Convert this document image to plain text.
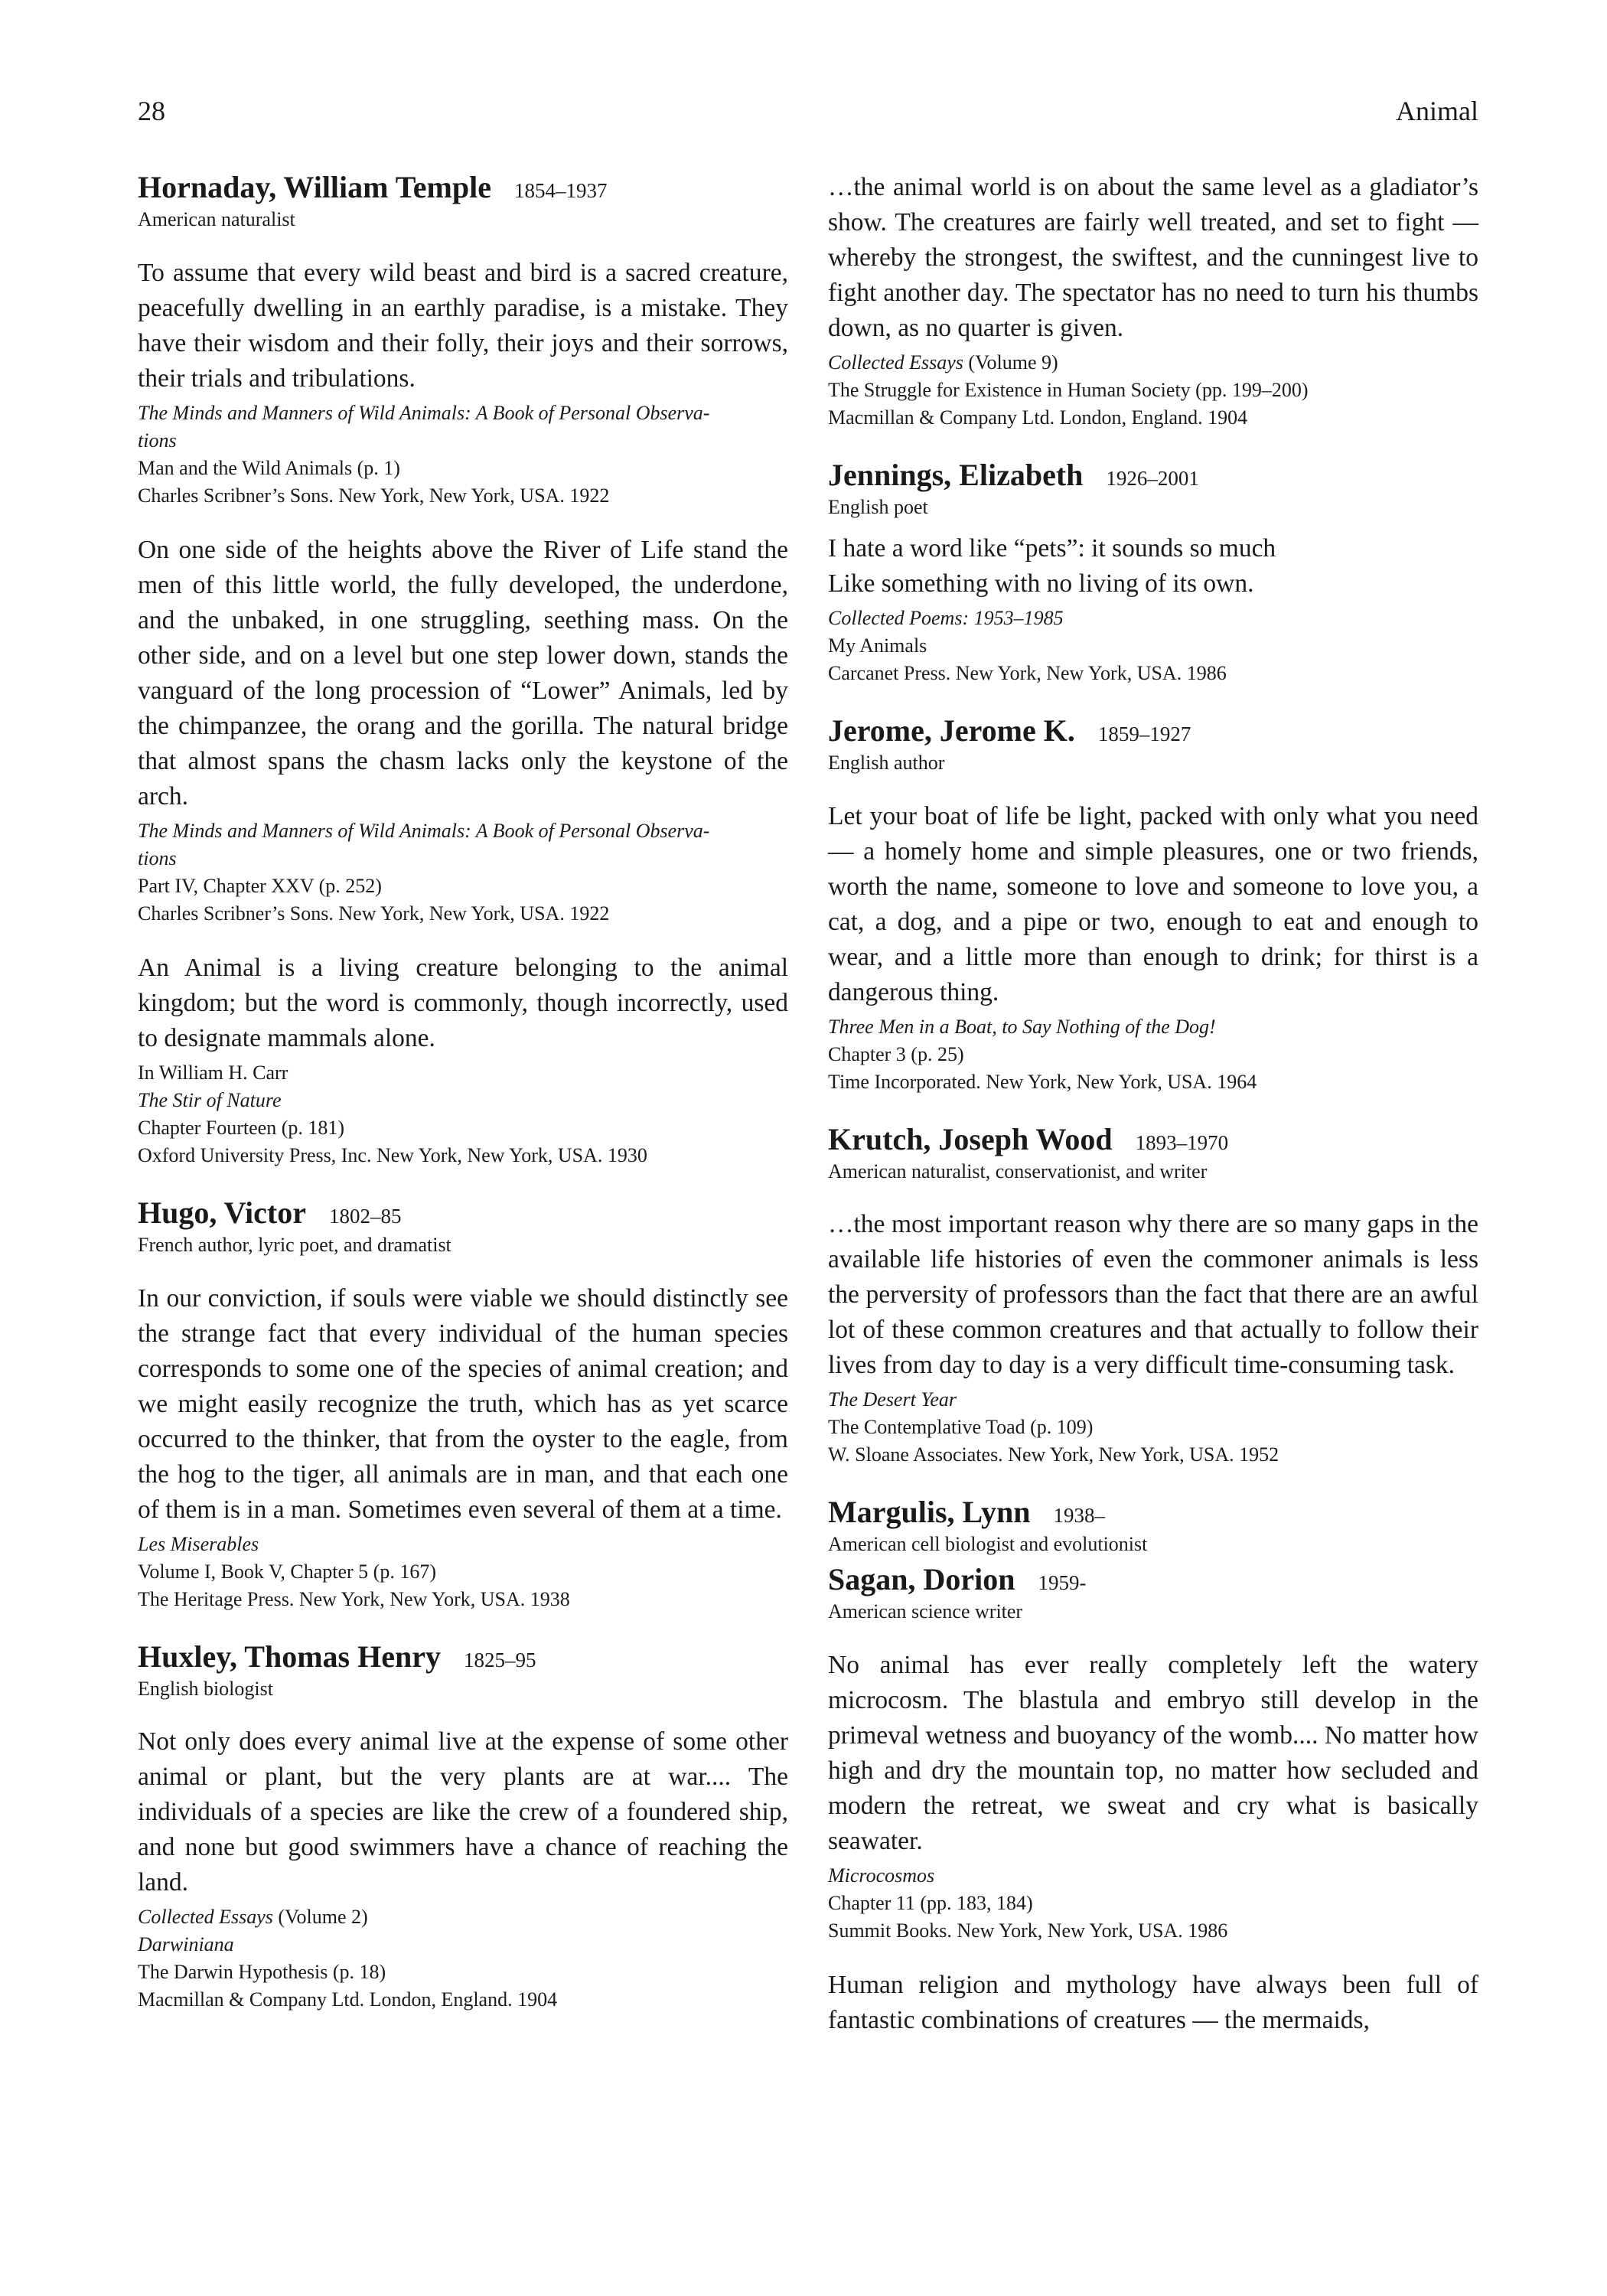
28	Animal

Hornaday, William Temple 1854–1937

American naturalist

To assume that every wild beast and bird is a sacred creature, peacefully dwelling in an earthly paradise, is a mistake. They have their wisdom and their folly, their joys and their sorrows, their trials and tribulations.

The Minds and Manners of Wild Animals: A Book of Personal Observa-

tions

Man and the Wild Animals (p. 1)

Charles Scribner’s Sons. New York, New York, USA. 1922

On one side of the heights above the River of Life stand the men of this little world, the fully developed, the underdone, and the unbaked, in one struggling, seething mass. On the other side, and on a level but one step lower down, stands the vanguard of the long procession of “Lower” Animals, led by the chimpanzee, the orang and the gorilla. The natural bridge that almost spans the chasm lacks only the keystone of the arch.

The Minds and Manners of Wild Animals: A Book of Personal Observa-

tions

Part IV, Chapter XXV (p. 252)

Charles Scribner’s Sons. New York, New York, USA. 1922

An Animal is a living creature belonging to the animal kingdom; but the word is commonly, though incorrectly, used to designate mammals alone.

In William H. Carr

The Stir of Nature

Chapter Fourteen (p. 181)

Oxford University Press, Inc. New York, New York, USA. 1930

Hugo, Victor 1802–85

French author, lyric poet, and dramatist

In our conviction, if souls were viable we should distinctly see the strange fact that every individual of the human species corresponds to some one of the species of animal creation; and we might easily recognize the truth, which has as yet scarce occurred to the thinker, that from the oyster to the eagle, from the hog to the tiger, all animals are in man, and that each one of them is in a man. Sometimes even several of them at a time.

Les Miserables

Volume I, Book V, Chapter 5 (p. 167)

The Heritage Press. New York, New York, USA. 1938

Huxley, Thomas Henry 1825–95

English biologist

Not only does every animal live at the expense of some other animal or plant, but the very plants are at war.... The individuals of a species are like the crew of a foundered ship, and none but good swimmers have a chance of reaching the land.

Collected Essays (Volume 2)

Darwiniana

The Darwin Hypothesis (p. 18)

Macmillan & Company Ltd. London, England. 1904

…the animal world is on about the same level as a gladiator’s show. The creatures are fairly well treated, and set to fight — whereby the strongest, the swiftest, and the cunningest live to fight another day. The spectator has no need to turn his thumbs down, as no quarter is given.

Collected Essays (Volume 9)

The Struggle for Existence in Human Society (pp. 199–200)

Macmillan & Company Ltd. London, England. 1904

Jennings, Elizabeth 1926–2001

English poet

I hate a word like “pets”: it sounds so much

Like something with no living of its own.

Collected Poems: 1953–1985

My Animals

Carcanet Press. New York, New York, USA. 1986

Jerome, Jerome K. 1859–1927

English author

Let your boat of life be light, packed with only what you need — a homely home and simple pleasures, one or two friends, worth the name, someone to love and someone to love you, a cat, a dog, and a pipe or two, enough to eat and enough to wear, and a little more than enough to drink; for thirst is a dangerous thing.

Three Men in a Boat, to Say Nothing of the Dog!

Chapter 3 (p. 25)

Time Incorporated. New York, New York, USA. 1964

Krutch, Joseph Wood 1893–1970

American naturalist, conservationist, and writer

…the most important reason why there are so many gaps in the available life histories of even the commoner animals is less the perversity of professors than the fact that there are an awful lot of these common creatures and that actually to follow their lives from day to day is a very difficult time-consuming task.

The Desert Year

The Contemplative Toad (p. 109)

W. Sloane Associates. New York, New York, USA. 1952

Margulis, Lynn 1938–

American cell biologist and evolutionist

Sagan, Dorion 1959-

American science writer

No animal has ever really completely left the watery microcosm. The blastula and embryo still develop in the primeval wetness and buoyancy of the womb.... No matter how high and dry the mountain top, no matter how secluded and modern the retreat, we sweat and cry what is basically seawater.

Microcosmos

Chapter 11 (pp. 183, 184)

Summit Books. New York, New York, USA. 1986

Human religion and mythology have always been full of fantastic combinations of creatures — the mermaids,
